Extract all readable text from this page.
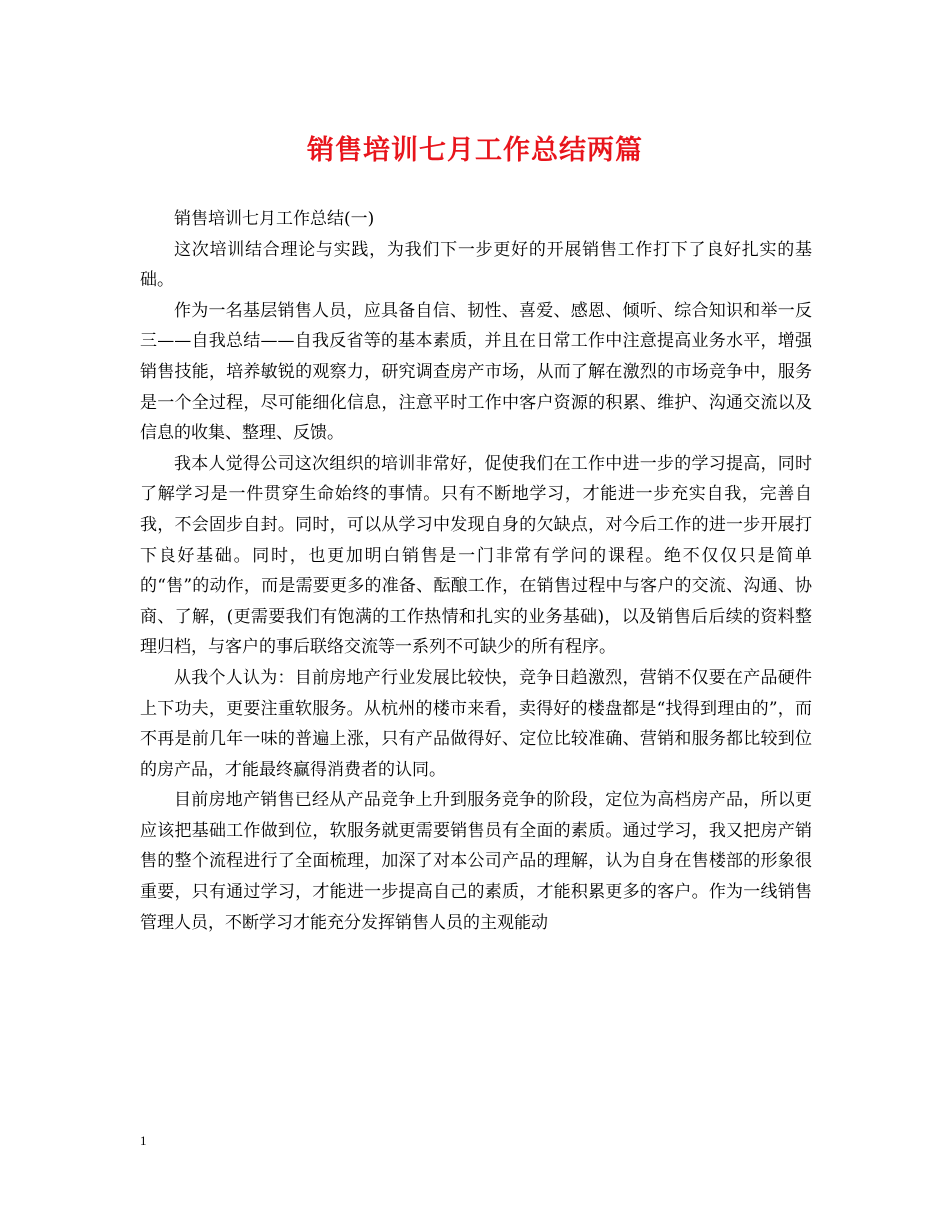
销售培训七月工作总结两篇

销售培训七月工作总结(一)

这次培训结合理论与实践，为我们下一步更好的开展销售工作打下了良好扎实的基础。

作为一名基层销售人员，应具备自信、韧性、喜爱、感恩、倾听、综合知识和举一反三——自我总结——自我反省等的基本素质，并且在日常工作中注意提高业务水平，增强销售技能，培养敏锐的观察力，研究调查房产市场，从而了解在激烈的市场竞争中，服务是一个全过程，尽可能细化信息，注意平时工作中客户资源的积累、维护、沟通交流以及信息的收集、整理、反馈。

我本人觉得公司这次组织的培训非常好，促使我们在工作中进一步的学习提高，同时了解学习是一件贯穿生命始终的事情。只有不断地学习，才能进一步充实自我，完善自我，不会固步自封。同时，可以从学习中发现自身的欠缺点，对今后工作的进一步开展打下良好基础。同时，也更加明白销售是一门非常有学问的课程。绝不仅仅只是简单的“售”的动作，而是需要更多的准备、酝酿工作，在销售过程中与客户的交流、沟通、协商、了解，(更需要我们有饱满的工作热情和扎实的业务基础)，以及销售后后续的资料整理归档，与客户的事后联络交流等一系列不可缺少的所有程序。

从我个人认为：目前房地产行业发展比较快，竞争日趋激烈，营销不仅要在产品硬件上下功夫，更要注重软服务。从杭州的楼市来看，卖得好的楼盘都是“找得到理由的”，而不再是前几年一味的普遍上涨，只有产品做得好、定位比较准确、营销和服务都比较到位的房产品，才能最终赢得消费者的认同。

目前房地产销售已经从产品竞争上升到服务竞争的阶段，定位为高档房产品，所以更应该把基础工作做到位，软服务就更需要销售员有全面的素质。通过学习，我又把房产销售的整个流程进行了全面梳理，加深了对本公司产品的理解，认为自身在售楼部的形象很重要，只有通过学习，才能进一步提高自己的素质，才能积累更多的客户。作为一线销售管理人员，不断学习才能充分发挥销售人员的主观能动

1
